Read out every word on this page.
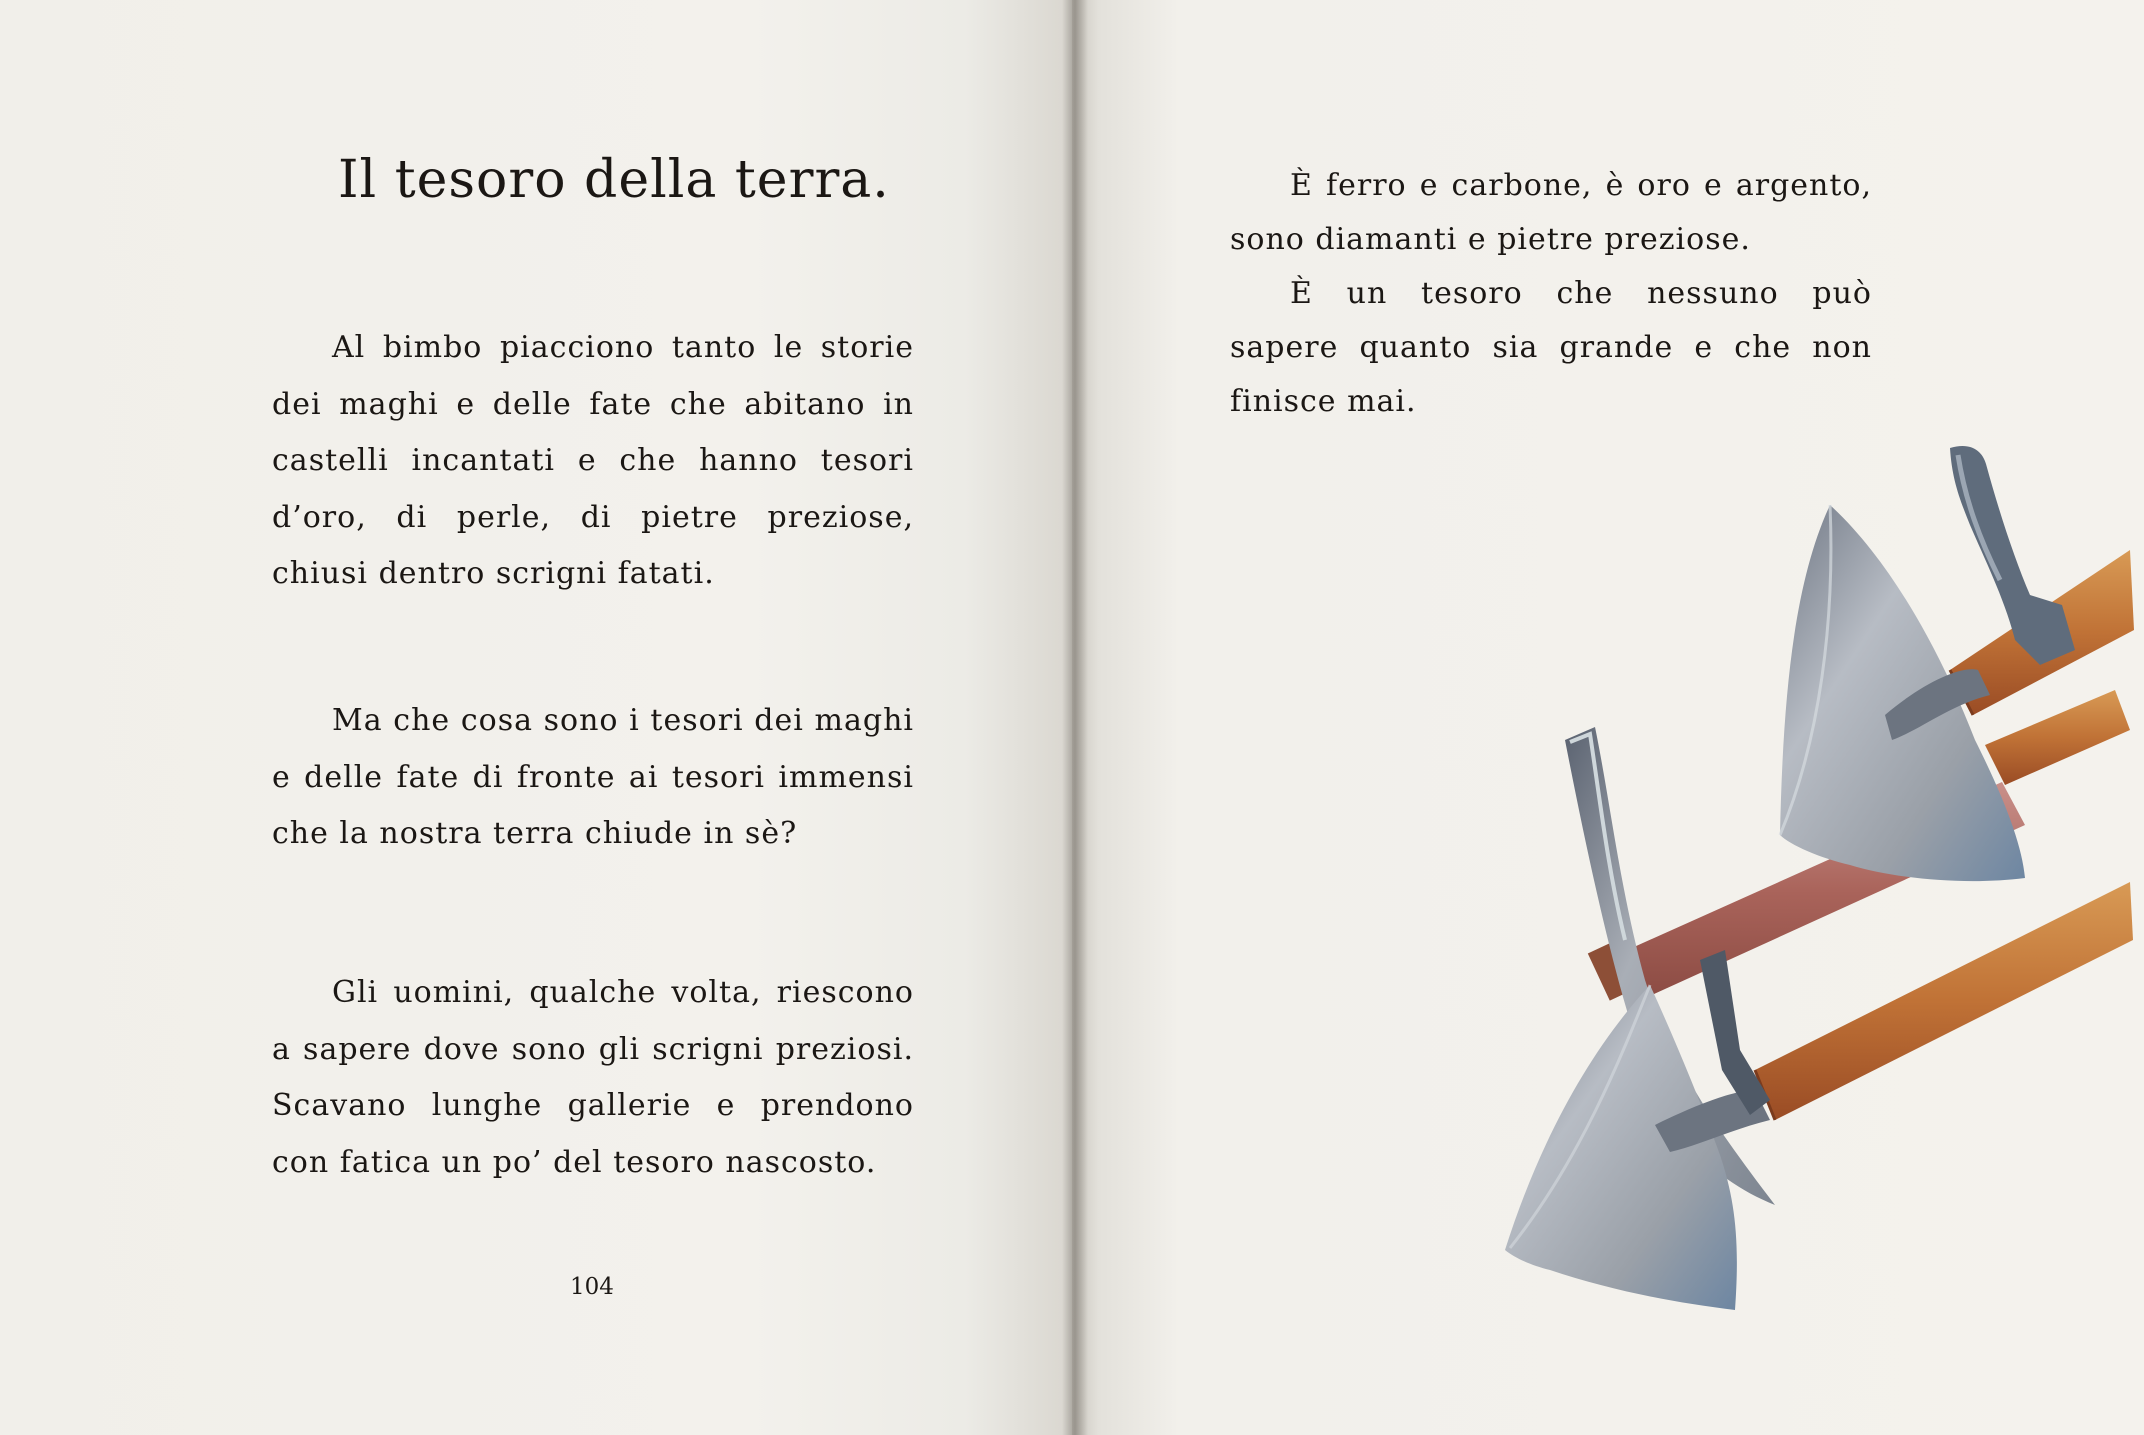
Il tesoro della terra.

Al bimbo piacciono tanto le storie dei maghi e delle fate che abitano in castelli incantati e che hanno tesori d’oro, di perle, di pietre preziose, chiusi dentro scrigni fatati.

Ma che cosa sono i tesori dei maghi e delle fate di fronte ai tesori immensi che la nostra terra chiude in sè?

Gli uomini, qualche volta, riescono a sapere dove sono gli scrigni preziosi. Scavano lunghe gallerie e prendono con fatica un po’ del tesoro nascosto.

104

È ferro e carbone, è oro e argento, sono diamanti e pietre preziose.

È un tesoro che nessuno può sapere quanto sia grande e che non finisce mai.
